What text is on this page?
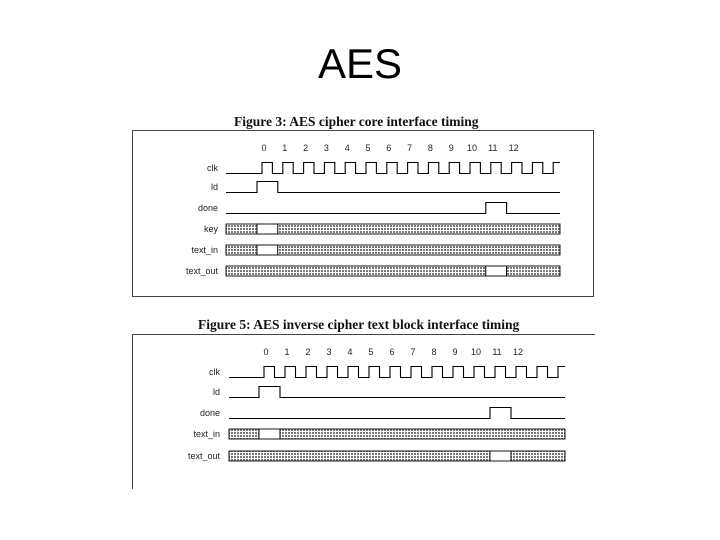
AES
Figure 3: AES cipher core interface timing
0 1 2 3 4 5 6 7 8 9 10 11 12
clk
ld
done
key
text_in
text_out
Figure 5: AES inverse cipher text block interface timing
0 1 2 3 4 5 6 7 8 9 10 11 12
clk
ld
done
text_in
text_out
